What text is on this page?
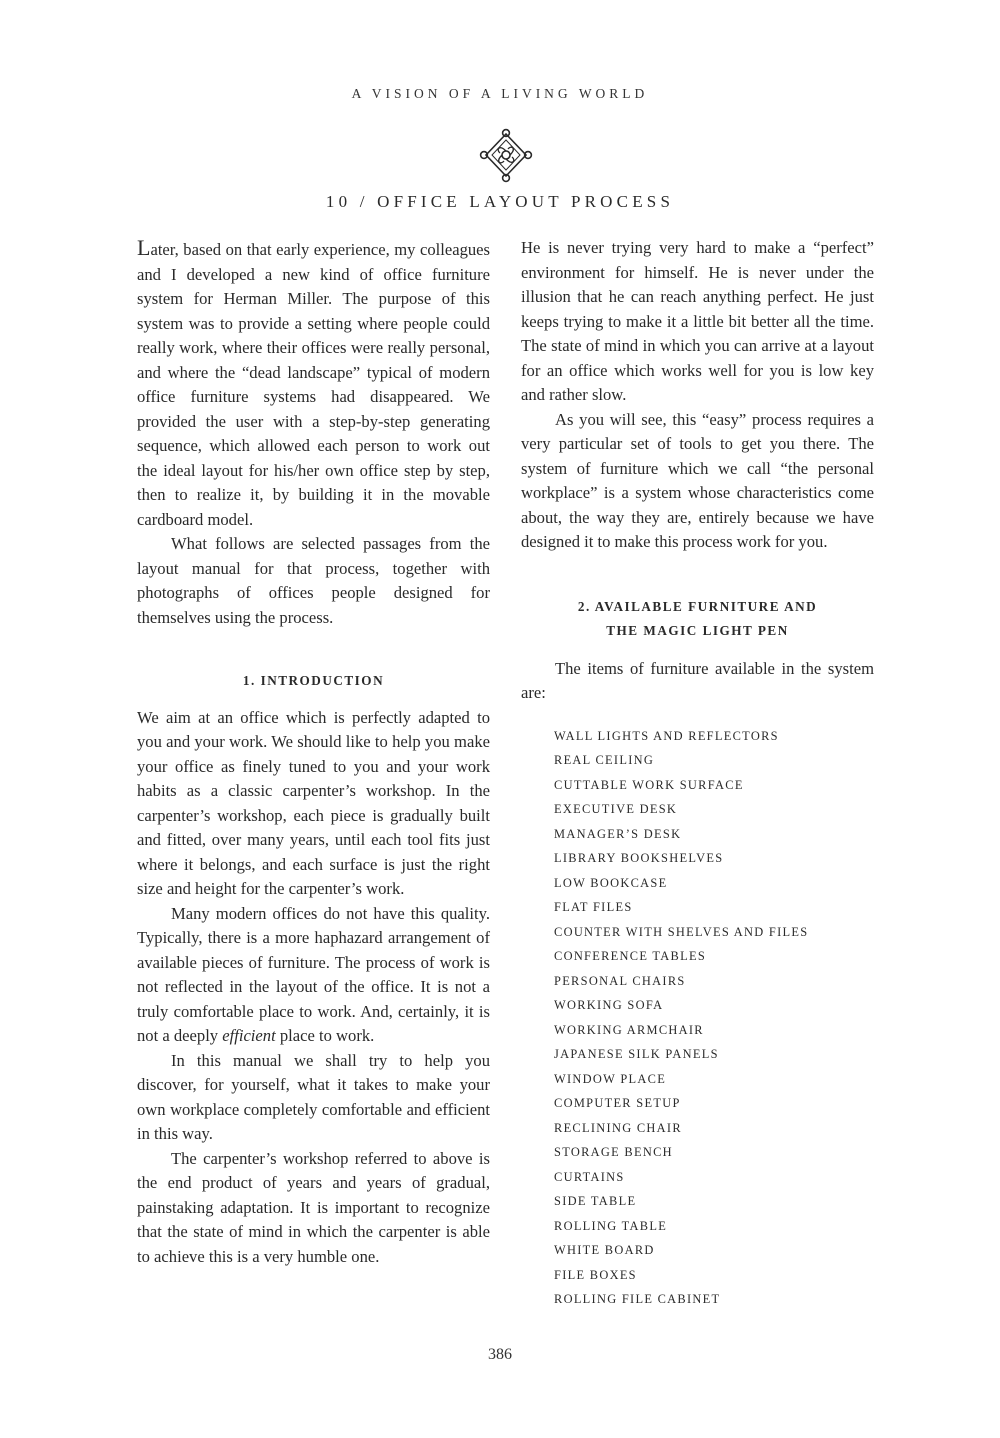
A VISION OF A LIVING WORLD
10 / OFFICE LAYOUT PROCESS

Later, based on that early experience, my colleagues and I developed a new kind of office furniture system for Herman Miller. The purpose of this system was to provide a setting where people could really work, where their offices were really personal, and where the “dead landscape” typical of modern office furniture systems had disappeared. We provided the user with a step-by-step generating sequence, which allowed each person to work out the ideal layout for his/her own office step by step, then to realize it, by building it in the movable cardboard model.

What follows are selected passages from the layout manual for that process, together with photographs of offices people designed for themselves using the process.

1. INTRODUCTION

We aim at an office which is perfectly adapted to you and your work. We should like to help you make your office as finely tuned to you and your work habits as a classic carpenter’s workshop. In the carpenter’s workshop, each piece is gradually built and fitted, over many years, until each tool fits just where it belongs, and each surface is just the right size and height for the carpenter’s work.

Many modern offices do not have this quality. Typically, there is a more haphazard arrangement of available pieces of furniture. The process of work is not reflected in the layout of the office. It is not a truly comfortable place to work. And, certainly, it is not a deeply efficient place to work.

In this manual we shall try to help you discover, for yourself, what it takes to make your own workplace completely comfortable and efficient in this way.

The carpenter’s workshop referred to above is the end product of years and years of gradual, painstaking adaptation. It is important to recognize that the state of mind in which the carpenter is able to achieve this is a very humble one.

He is never trying very hard to make a “perfect” environment for himself. He is never under the illusion that he can reach anything perfect. He just keeps trying to make it a little bit better all the time. The state of mind in which you can arrive at a layout for an office which works well for you is low key and rather slow.

As you will see, this “easy” process requires a very particular set of tools to get you there. The system of furniture which we call “the personal workplace” is a system whose characteristics come about, the way they are, entirely because we have designed it to make this process work for you.

2. AVAILABLE FURNITURE AND
THE MAGIC LIGHT PEN

The items of furniture available in the system are:

WALL LIGHTS AND REFLECTORS
REAL CEILING
CUTTABLE WORK SURFACE
EXECUTIVE DESK
MANAGER’S DESK
LIBRARY BOOKSHELVES
LOW BOOKCASE
FLAT FILES
COUNTER WITH SHELVES AND FILES
CONFERENCE TABLES
PERSONAL CHAIRS
WORKING SOFA
WORKING ARMCHAIR
JAPANESE SILK PANELS
WINDOW PLACE
COMPUTER SETUP
RECLINING CHAIR
STORAGE BENCH
CURTAINS
SIDE TABLE
ROLLING TABLE
WHITE BOARD
FILE BOXES
ROLLING FILE CABINET
386
